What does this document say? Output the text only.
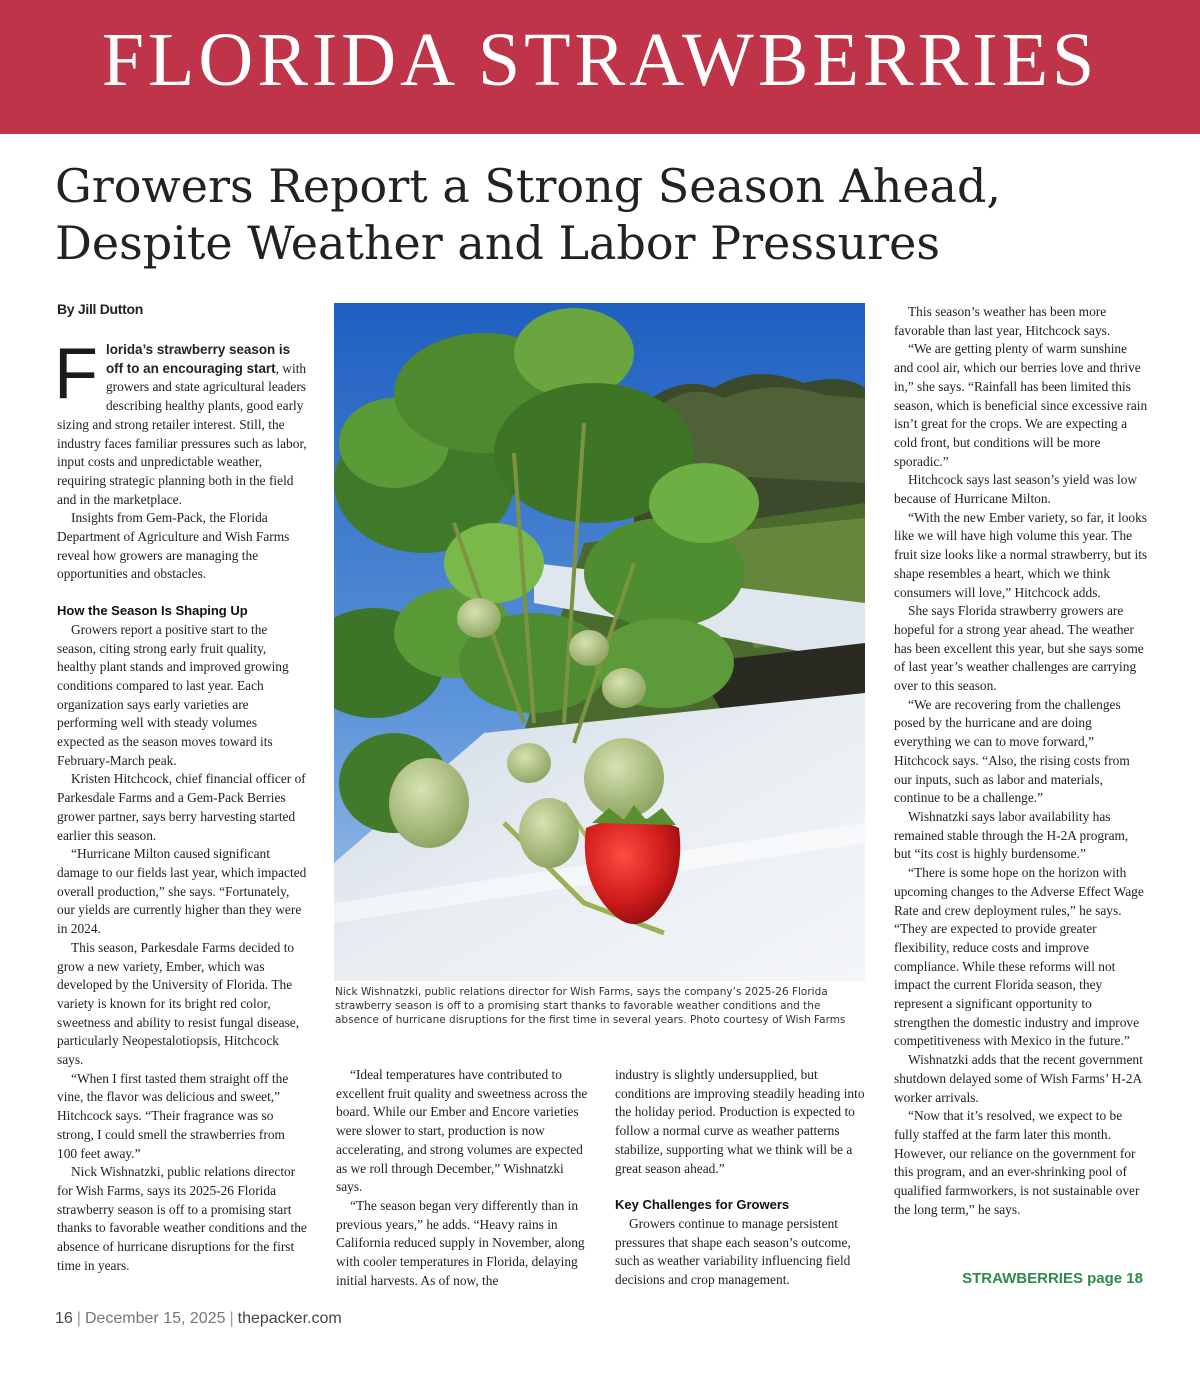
FLORIDA STRAWBERRIES
Growers Report a Strong Season Ahead,
Despite Weather and Labor Pressures
By Jill Dutton

Florida’s strawberry season is off to an encouraging start, with growers and state agricultural leaders describing healthy plants, good early sizing and strong retailer interest. Still, the industry faces familiar pressures such as labor, input costs and unpredictable weather, requiring strategic planning both in the field and in the marketplace.

Insights from Gem-Pack, the Florida Department of Agriculture and Wish Farms reveal how growers are managing the opportunities and obstacles.

How the Season Is Shaping Up

Growers report a positive start to the season, citing strong early fruit quality, healthy plant stands and improved growing conditions compared to last year. Each organization says early varieties are performing well with steady volumes expected as the season moves toward its February-March peak.

Kristen Hitchcock, chief financial officer of Parkesdale Farms and a Gem-Pack Berries grower partner, says berry harvesting started earlier this season.

“Hurricane Milton caused significant damage to our fields last year, which impacted overall production,” she says. “Fortunately, our yields are currently higher than they were in 2024.

This season, Parkesdale Farms decided to grow a new variety, Ember, which was developed by the University of Florida. The variety is known for its bright red color, sweetness and ability to resist fungal disease, particularly Neopestalotiopsis, Hitchcock says.

“When I first tasted them straight off the vine, the flavor was delicious and sweet,” Hitchcock says. “Their fragrance was so strong, I could smell the strawberries from 100 feet away.”

Nick Wishnatzki, public relations director for Wish Farms, says its 2025-26 Florida strawberry season is off to a promising start thanks to favorable weather conditions and the absence of hurricane disruptions for the first time in years.

Nick Wishnatzki, public relations director for Wish Farms, says the company’s 2025-26 Florida strawberry season is off to a promising start thanks to favorable weather conditions and the absence of hurricane disruptions for the first time in several years. Photo courtesy of Wish Farms

“Ideal temperatures have contributed to excellent fruit quality and sweetness across the board. While our Ember and Encore varieties were slower to start, production is now accelerating, and strong volumes are expected as we roll through December,” Wishnatzki says.

“The season began very differently than in previous years,” he adds. “Heavy rains in California reduced supply in November, along with cooler temperatures in Florida, delaying initial harvests. As of now, the

industry is slightly undersupplied, but conditions are improving steadily heading into the holiday period. Production is expected to follow a normal curve as weather patterns stabilize, supporting what we think will be a great season ahead.”

Key Challenges for Growers

Growers continue to manage persistent pressures that shape each season’s outcome, such as weather variability influencing field decisions and crop management.

This season’s weather has been more favorable than last year, Hitchcock says.

“We are getting plenty of warm sunshine and cool air, which our berries love and thrive in,” she says. “Rainfall has been limited this season, which is beneficial since excessive rain isn’t great for the crops. We are expecting a cold front, but conditions will be more sporadic.”

Hitchcock says last season’s yield was low because of Hurricane Milton.

“With the new Ember variety, so far, it looks like we will have high volume this year. The fruit size looks like a normal strawberry, but its shape resembles a heart, which we think consumers will love,” Hitchcock adds.

She says Florida strawberry growers are hopeful for a strong year ahead. The weather has been excellent this year, but she says some of last year’s weather challenges are carrying over to this season.

“We are recovering from the challenges posed by the hurricane and are doing everything we can to move forward,” Hitchcock says. “Also, the rising costs from our inputs, such as labor and materials, continue to be a challenge.”

Wishnatzki says labor availability has remained stable through the H-2A program, but “its cost is highly burdensome.”

“There is some hope on the horizon with upcoming changes to the Adverse Effect Wage Rate and crew deployment rules,” he says. “They are expected to provide greater flexibility, reduce costs and improve compliance. While these reforms will not impact the current Florida season, they represent a significant opportunity to strengthen the domestic industry and improve competitiveness with Mexico in the future.”

Wishnatzki adds that the recent government shutdown delayed some of Wish Farms’ H-2A worker arrivals.

“Now that it’s resolved, we expect to be fully staffed at the farm later this month. However, our reliance on the government for this program, and an ever-shrinking pool of qualified farmworkers, is not sustainable over the long term,” he says.

STRAWBERRIES page 18
16 | December 15, 2025 | thepacker.com
